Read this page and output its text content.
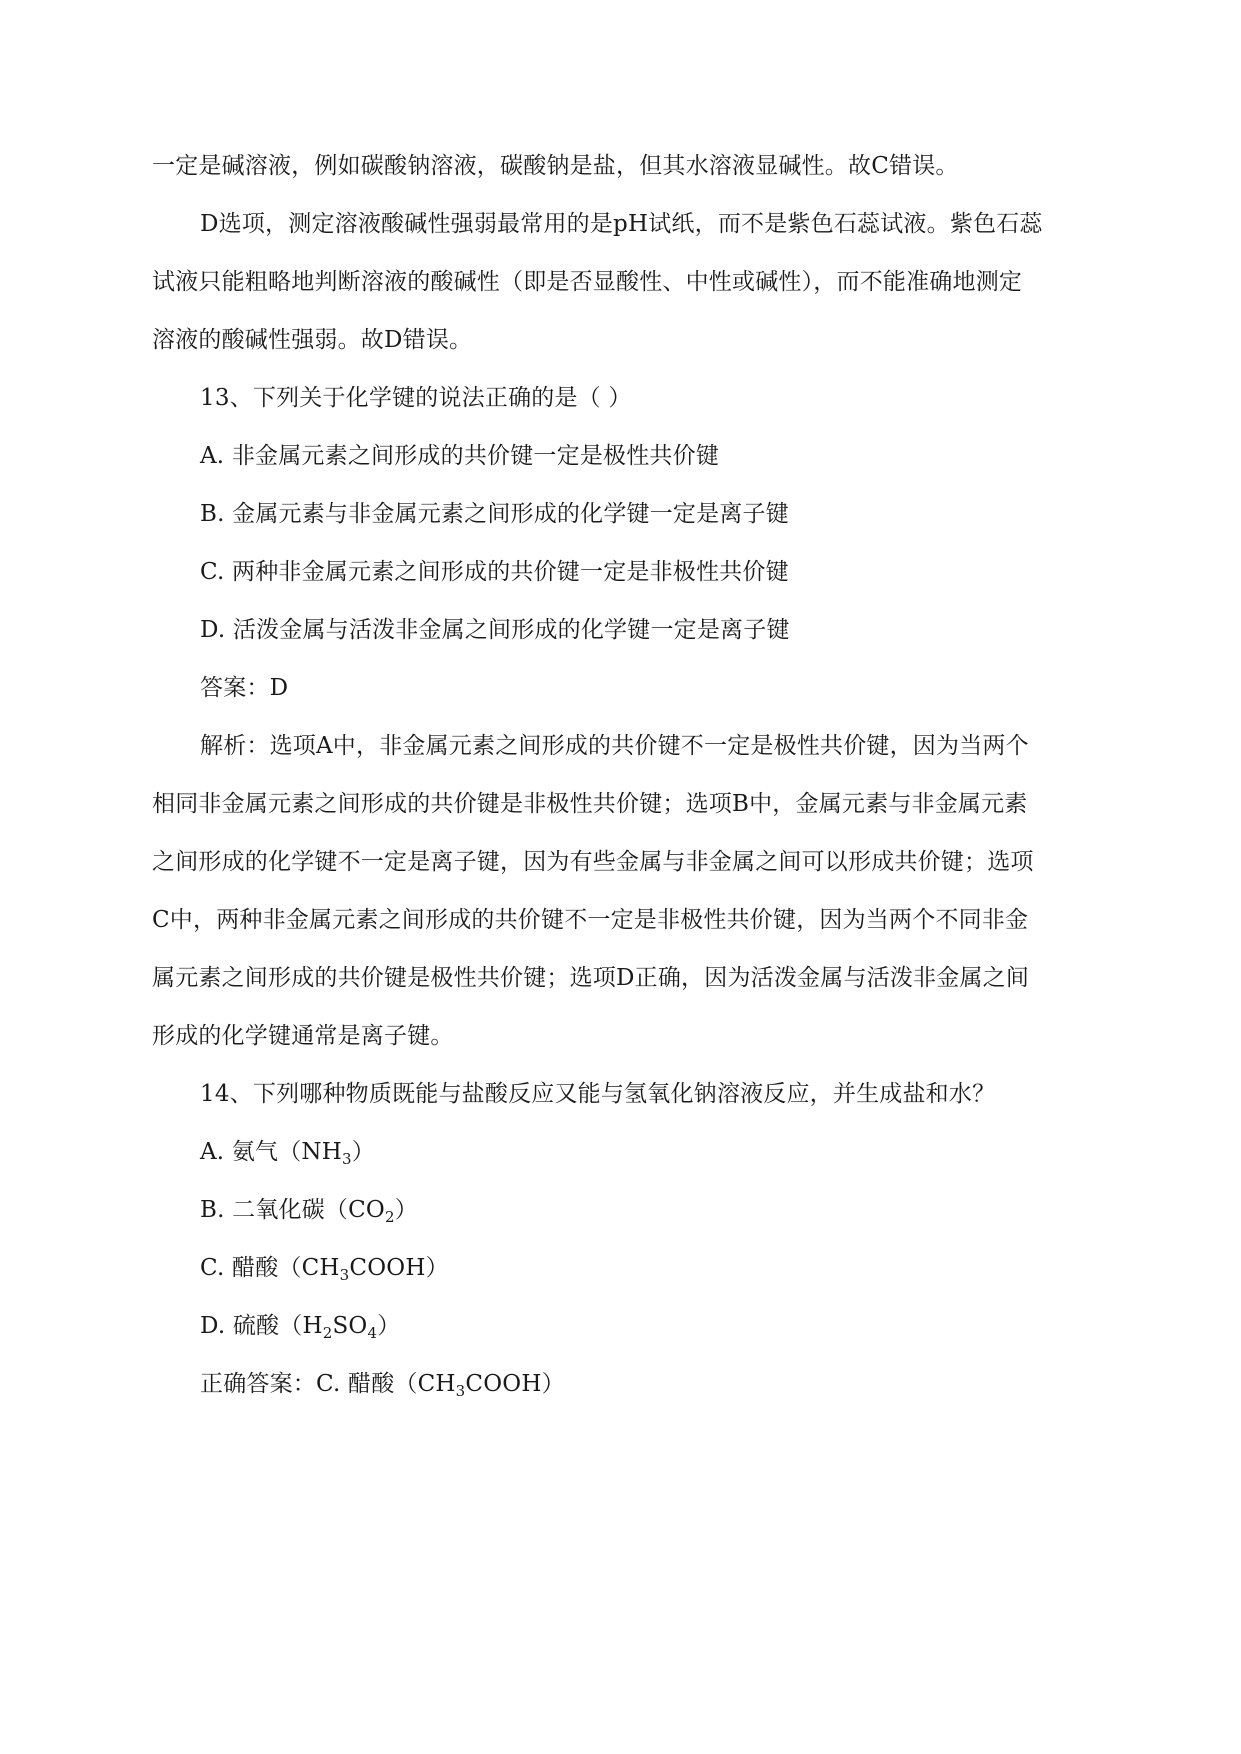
一定是碱溶液，例如碳酸钠溶液，碳酸钠是盐，但其水溶液显碱性。故C错误。
D选项，测定溶液酸碱性强弱最常用的是pH试纸，而不是紫色石蕊试液。紫色石蕊
试液只能粗略地判断溶液的酸碱性（即是否显酸性、中性或碱性），而不能准确地测定
溶液的酸碱性强弱。故D错误。
13、下列关于化学键的说法正确的是（ ）
A. 非金属元素之间形成的共价键一定是极性共价键
B. 金属元素与非金属元素之间形成的化学键一定是离子键
C. 两种非金属元素之间形成的共价键一定是非极性共价键
D. 活泼金属与活泼非金属之间形成的化学键一定是离子键
答案：D
解析：选项A中，非金属元素之间形成的共价键不一定是极性共价键，因为当两个
相同非金属元素之间形成的共价键是非极性共价键；选项B中，金属元素与非金属元素
之间形成的化学键不一定是离子键，因为有些金属与非金属之间可以形成共价键；选项
C中，两种非金属元素之间形成的共价键不一定是非极性共价键，因为当两个不同非金
属元素之间形成的共价键是极性共价键；选项D正确，因为活泼金属与活泼非金属之间
形成的化学键通常是离子键。
14、下列哪种物质既能与盐酸反应又能与氢氧化钠溶液反应，并生成盐和水？
A. 氨气$(NH_3)$
B. 二氧化碳$(CO_2)$
C. 醋酸$(CH_3COOH)$
D. 硫酸$(H_2SO_4)$
正确答案：C. 醋酸$(CH_3COOH)$
